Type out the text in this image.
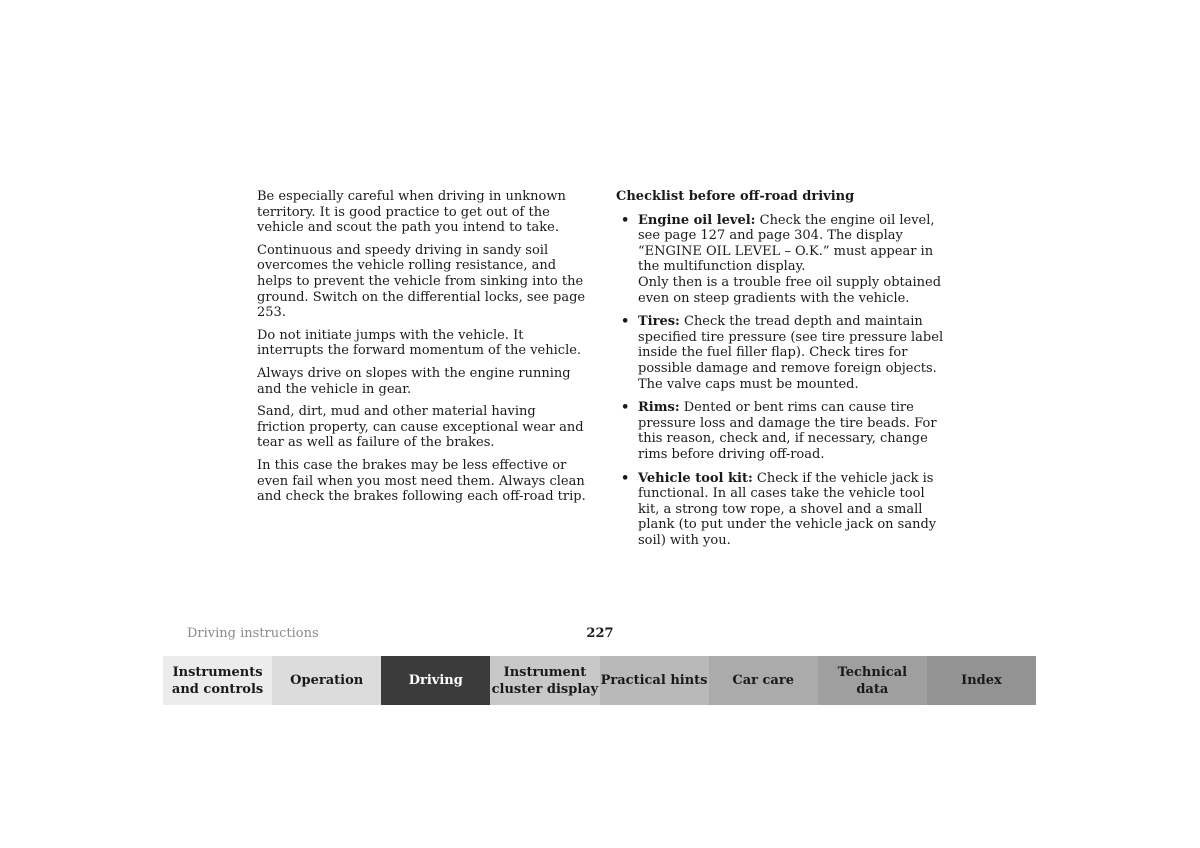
Be especially careful when driving in unknown territory. It is good practice to get out of the vehicle and scout the path you intend to take.

Continuous and speedy driving in sandy soil overcomes the vehicle rolling resistance, and helps to prevent the vehicle from sinking into the ground. Switch on the differential locks, see page 253.

Do not initiate jumps with the vehicle. It interrupts the forward momentum of the vehicle.

Always drive on slopes with the engine running and the vehicle in gear.

Sand, dirt, mud and other material having friction property, can cause exceptional wear and tear as well as failure of the brakes.

In this case the brakes may be less effective or even fail when you most need them. Always clean and check the brakes following each off-road trip.

Checklist before off-road driving
• Engine oil level: Check the engine oil level, see page 127 and page 304. The display “ENGINE OIL LEVEL – O.K.” must appear in the multifunction display.
Only then is a trouble free oil supply obtained even on steep gradients with the vehicle.
• Tires: Check the tread depth and maintain specified tire pressure (see tire pressure label inside the fuel filler flap). Check tires for possible damage and remove foreign objects. The valve caps must be mounted.
• Rims: Dented or bent rims can cause tire pressure loss and damage the tire beads. For this reason, check and, if necessary, change rims before driving off-road.
• Vehicle tool kit: Check if the vehicle jack is functional. In all cases take the vehicle tool kit, a strong tow rope, a shovel and a small plank (to put under the vehicle jack on sandy soil) with you.
Driving instructions	227
Instruments
and controls
Operation	Driving
Instrument
cluster display
Practical hints	Car care
Technical
data
Index
